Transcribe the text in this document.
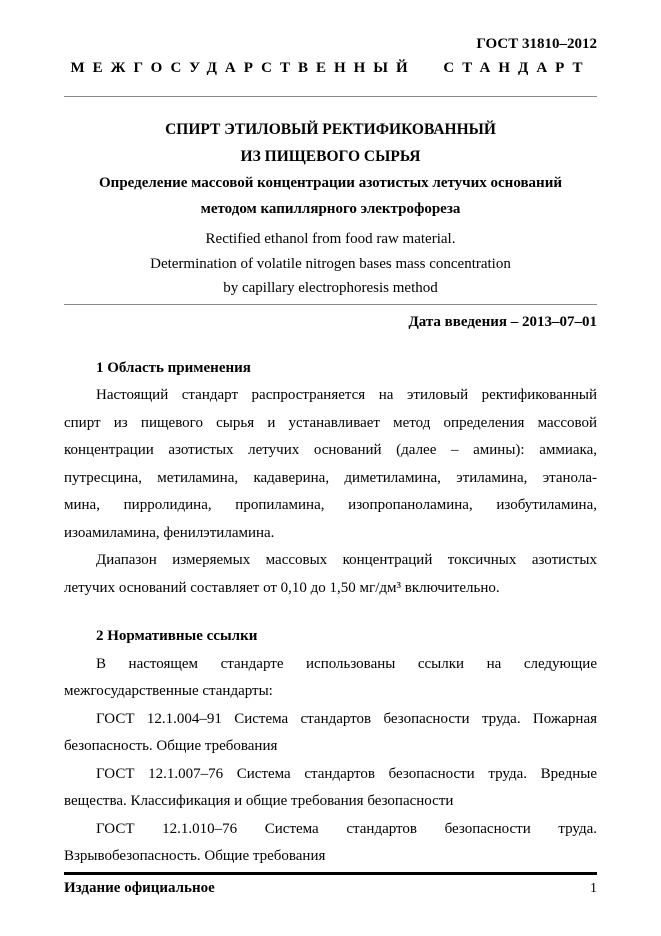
ГОСТ 31810–2012
МЕЖГОСУДАРСТВЕННЫЙ СТАНДАРТ
СПИРТ ЭТИЛОВЫЙ РЕКТИФИКОВАННЫЙ
ИЗ ПИЩЕВОГО СЫРЬЯ
Определение массовой концентрации азотистых летучих оснований
методом капиллярного электрофореза
Rectified ethanol from food raw material.
Determination of volatile nitrogen bases mass concentration
by capillary electrophoresis method
Дата введения – 2013–07–01
1 Область применения
Настоящий стандарт распространяется на этиловый ректификованный
спирт из пищевого сырья и устанавливает метод определения массовой
концентрации азотистых летучих оснований (далее – амины): аммиака,
путресцина, метиламина, кадаверина, диметиламина, этиламина, этанола-
мина, пирролидина, пропиламина, изопропаноламина, изобутиламина,
изоамиламина, фенилэтиламина.
Диапазон измеряемых массовых концентраций токсичных азотистых
летучих оснований составляет от 0,10 до 1,50 мг/дм³ включительно.
2 Нормативные ссылки
В настоящем стандарте использованы ссылки на следующие
межгосударственные стандарты:
ГОСТ 12.1.004–91 Система стандартов безопасности труда. Пожарная
безопасность. Общие требования
ГОСТ 12.1.007–76 Система стандартов безопасности труда. Вредные
вещества. Классификация и общие требования безопасности
ГОСТ 12.1.010–76 Система стандартов безопасности труда.
Взрывобезопасность. Общие требования
Издание официальное	1
